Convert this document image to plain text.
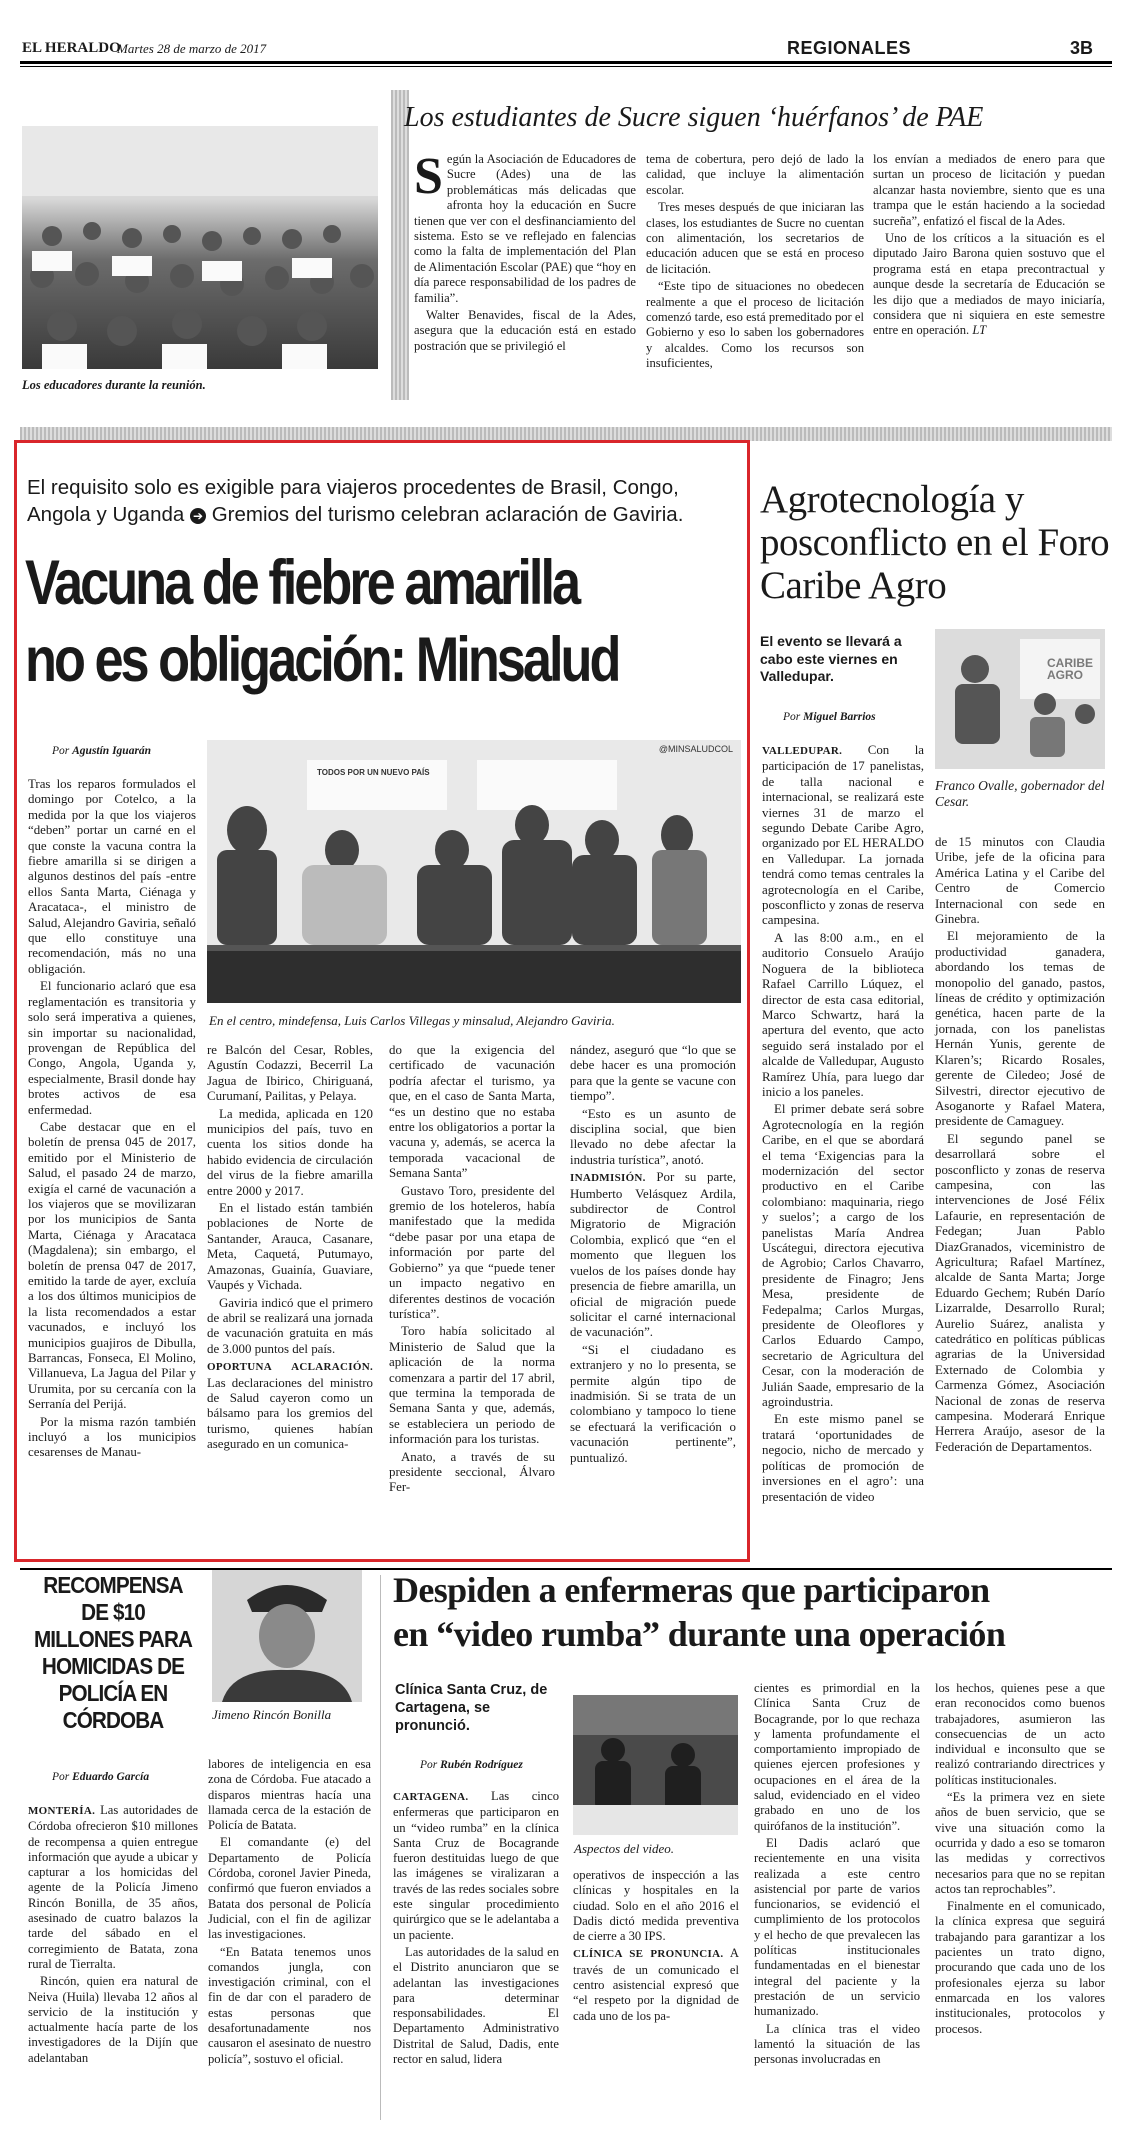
EL HERALDO
Martes 28 de marzo de 2017	REGIONALES	3B
Los educadores durante la reunión.
Los estudiantes de Sucre siguen ‘huérfanos’ de PAE

Según la Asociación de Educadores de Sucre (Ades) una de las problemáticas más delicadas que afronta hoy la educación en Sucre tienen que ver con el desfinanciamiento del sistema. Esto se ve reflejado en falencias como la falta de implementación del Plan de Alimentación Escolar (PAE) que “hoy en día parece responsabilidad de los padres de familia”.

Walter Benavides, fiscal de la Ades, asegura que la educación está en estado postración que se privilegió el

tema de cobertura, pero dejó de lado la calidad, que incluye la alimentación escolar.

Tres meses después de que iniciaran las clases, los estudiantes de Sucre no cuentan con alimentación, los secretarios de educación aducen que se está en proceso de licitación.

“Este tipo de situaciones no obedecen realmente a que el proceso de licitación comenzó tarde, eso está premeditado por el Gobierno y eso lo saben los gobernadores y alcaldes. Como los recursos son insuficientes,

los envían a mediados de enero para que surtan un proceso de licitación y puedan alcanzar hasta noviembre, siento que es una trampa que le están haciendo a la sociedad sucreña”, enfatizó el fiscal de la Ades.

Uno de los críticos a la situación es el diputado Jairo Barona quien sostuvo que el programa está en etapa precontractual y aunque desde la secretaría de Educación se les dijo que a mediados de mayo iniciaría, considera que ni siquiera en este semestre entre en operación. LT

El requisito solo es exigible para viajeros procedentes de Brasil, Congo, Angola y Uganda ➔ Gremios del turismo celebran aclaración de Gaviria.
Vacuna de fiebre amarilla
no es obligación: Minsalud
Por Agustín Iguarán	@MINSALUDCOL
TODOS POR UN NUEVO PAÍS
En el centro, mindefensa, Luis Carlos Villegas y minsalud, Alejandro Gaviria.

Tras los reparos formulados el domingo por Cotelco, a la medida por la que los viajeros “deben” portar un carné en el que conste la vacuna contra la fiebre amarilla si se dirigen a algunos destinos del país -entre ellos Santa Marta, Ciénaga y Aracataca-, el ministro de Salud, Alejandro Gaviria, señaló que ello constituye una recomendación, más no una obligación.

El funcionario aclaró que esa reglamentación es transitoria y solo será imperativa a quienes, sin importar su nacionalidad, provengan de República del Congo, Angola, Uganda y, especialmente, Brasil donde hay brotes activos de esa enfermedad.

Cabe destacar que en el boletín de prensa 045 de 2017, emitido por el Ministerio de Salud, el pasado 24 de marzo, exigía el carné de vacunación a los viajeros que se movilizaran por los municipios de Santa Marta, Ciénaga y Aracataca (Magdalena); sin embargo, el boletín de prensa 047 de 2017, emitido la tarde de ayer, excluía a los dos últimos municipios de la lista recomendados a estar vacunados, e incluyó los municipios guajiros de Dibulla, Barrancas, Fonseca, El Molino, Villanueva, La Jagua del Pilar y Urumita, por su cercanía con la Serranía del Perijá.

Por la misma razón también incluyó a los municipios cesarenses de Manau-

re Balcón del Cesar, Robles, Agustín Codazzi, Becerril La Jagua de Ibirico, Chiriguaná, Curumaní, Pailitas, y Pelaya.

La medida, aplicada en 120 municipios del país, tuvo en cuenta los sitios donde ha habido evidencia de circulación del virus de la fiebre amarilla entre 2000 y 2017.

En el listado están también poblaciones de Norte de Santander, Arauca, Casanare, Meta, Caquetá, Putumayo, Amazonas, Guainía, Guaviare, Vaupés y Vichada.

Gaviria indicó que el primero de abril se realizará una jornada de vacunación gratuita en más de 3.000 puntos del país.

OPORTUNA ACLARACIÓN. Las declaraciones del ministro de Salud cayeron como un bálsamo para los gremios del turismo, quienes habían asegurado en un comunica-

do que la exigencia del certificado de vacunación podría afectar el turismo, ya que, en el caso de Santa Marta, “es un destino que no estaba entre los obligatorios a portar la vacuna y, además, se acerca la temporada vacacional de Semana Santa”

Gustavo Toro, presidente del gremio de los hoteleros, había manifestado que la medida “debe pasar por una etapa de información por parte del Gobierno” ya que “puede tener un impacto negativo en diferentes destinos de vocación turística”.

Toro había solicitado al Ministerio de Salud que la aplicación de la norma comenzara a partir del 17 abril, que termina la temporada de Semana Santa y que, además, se estableciera un periodo de información para los turistas.

Anato, a través de su presidente seccional, Álvaro Fer-

nández, aseguró que “lo que se debe hacer es una promoción para que la gente se vacune con tiempo”.

“Esto es un asunto de disciplina social, que bien llevado no debe afectar la industria turística”, anotó.

INADMISIÓN. Por su parte, Humberto Velásquez Ardila, subdirector de Control Migratorio de Migración Colombia, explicó que “en el momento que lleguen los vuelos de los países donde hay presencia de fiebre amarilla, un oficial de migración puede solicitar el carné internacional de vacunación”.

“Si el ciudadano es extranjero y no lo presenta, se permite algún tipo de inadmisión. Si se trata de un colombiano y tampoco lo tiene se efectuará la verificación o vacunación pertinente”, puntualizó.

Agrotecnología y posconflicto en el Foro Caribe Agro
El evento se llevará a cabo este viernes en Valledupar.
CARIBE AGRO
Franco Ovalle, gobernador del Cesar.
Por Miguel Barrios

VALLEDUPAR. Con la participación de 17 panelistas, de talla nacional e internacional, se realizará este viernes 31 de marzo el segundo Debate Caribe Agro, organizado por EL HERALDO en Valledupar. La jornada tendrá como temas centrales la agrotecnología en el Caribe, posconflicto y zonas de reserva campesina.

A las 8:00 a.m., en el auditorio Consuelo Araújo Noguera de la biblioteca Rafael Carrillo Lúquez, el director de esta casa editorial, Marco Schwartz, hará la apertura del evento, que acto seguido será instalado por el alcalde de Valledupar, Augusto Ramírez Uhía, para luego dar inicio a los paneles.

El primer debate será sobre Agrotecnología en la región Caribe, en el que se abordará el tema ‘Exigencias para la modernización del sector productivo en el Caribe colombiano: maquinaria, riego y suelos’; a cargo de los panelistas María Andrea Uscátegui, directora ejecutiva de Agrobio; Carlos Chavarro, presidente de Finagro; Jens Mesa, presidente de Fedepalma; Carlos Murgas, presidente de Oleoflores y Carlos Eduardo Campo, secretario de Agricultura del Cesar, con la moderación de Julián Saade, empresario de la agroindustria.

En este mismo panel se tratará ‘oportunidades de negocio, nicho de mercado y políticas de promoción de inversiones en el agro’: una presentación de video

de 15 minutos con Claudia Uribe, jefe de la oficina para América Latina y el Caribe del Centro de Comercio Internacional con sede en Ginebra.

El mejoramiento de la productividad ganadera, abordando los temas de monopolio del ganado, pastos, líneas de crédito y optimización genética, hacen parte de la jornada, con los panelistas Hernán Yunis, gerente de Klaren’s; Ricardo Rosales, gerente de Ciledeo; José de Silvestri, director ejecutivo de Asoganorte y Rafael Matera, presidente de Camaguey.

El segundo panel se desarrollará sobre el posconflicto y zonas de reserva campesina, con las intervenciones de José Félix Lafaurie, en representación de Fedegan; Juan Pablo DiazGranados, viceministro de Agricultura; Rafael Martínez, alcalde de Santa Marta; Jorge Eduardo Gechem; Rubén Darío Lizarralde, Desarrollo Rural; Aurelio Suárez, analista y catedrático en políticas públicas agrarias de la Universidad Externado de Colombia y Carmenza Gómez, Asociación Nacional de zonas de reserva campesina. Moderará Enrique Herrera Araújo, asesor de la Federación de Departamentos.

RECOMPENSA DE $10 MILLONES PARA HOMICIDAS DE POLICÍA EN CÓRDOBA	Jimeno Rincón Bonilla
Por Eduardo García

MONTERÍA. Las autoridades de Córdoba ofrecieron $10 millones de recompensa a quien entregue información que ayude a ubicar y capturar a los homicidas del agente de la Policía Jimeno Rincón Bonilla, de 35 años, asesinado de cuatro balazos la tarde del sábado en el corregimiento de Batata, zona rural de Tierralta.

Rincón, quien era natural de Neiva (Huila) llevaba 12 años al servicio de la institución y actualmente hacía parte de los investigadores de la Dijín que adelantaban

labores de inteligencia en esa zona de Córdoba. Fue atacado a disparos mientras hacía una llamada cerca de la estación de Policía de Batata.

El comandante (e) del Departamento de Policía Córdoba, coronel Javier Pineda, confirmó que fueron enviados a Batata dos personal de Policía Judicial, con el fin de agilizar las investigaciones.

“En Batata tenemos unos comandos jungla, con investigación criminal, con el fin de dar con el paradero de estas personas que desafortunadamente nos causaron el asesinato de nuestro policía”, sostuvo el oficial.

Despiden a enfermeras que participaron
en “video rumba” durante una operación
Clínica Santa Cruz, de Cartagena, se pronunció.
Por Rubén Rodríguez
Aspectos del video.

CARTAGENA. Las cinco enfermeras que participaron en un “video rumba” en la clínica Santa Cruz de Bocagrande fueron destituidas luego de que las imágenes se viralizaran a través de las redes sociales sobre este singular procedimiento quirúrgico que se le adelantaba a un paciente.

Las autoridades de la salud en el Distrito anunciaron que se adelantan las investigaciones para determinar responsabilidades. El Departamento Administrativo Distrital de Salud, Dadis, ente rector en salud, lidera

operativos de inspección a las clínicas y hospitales en la ciudad. Solo en el año 2016 el Dadis dictó medida preventiva de cierre a 30 IPS.

CLÍNICA SE PRONUNCIA. A través de un comunicado el centro asistencial expresó que “el respeto por la dignidad de cada uno de los pa-

cientes es primordial en la Clínica Santa Cruz de Bocagrande, por lo que rechaza y lamenta profundamente el comportamiento impropiado de quienes ejercen profesiones y ocupaciones en el área de la salud, evidenciado en el video grabado en uno de los quirófanos de la institución”.

El Dadis aclaró que recientemente en una visita realizada a este centro asistencial por parte de varios funcionarios, se evidenció el cumplimiento de los protocolos y el hecho de que prevalecen las políticas institucionales fundamentadas en el bienestar integral del paciente y la prestación de un servicio humanizado.

La clínica tras el video lamentó la situación de las personas involucradas en

los hechos, quienes pese a que eran reconocidos como buenos trabajadores, asumieron las consecuencias de un acto individual e inconsulto que se realizó contrariando directrices y políticas institucionales.

“Es la primera vez en siete años de buen servicio, que se vive una situación como la ocurrida y dado a eso se tomaron las medidas y correctivos necesarios para que no se repitan actos tan reprochables”.

Finalmente en el comunicado, la clínica expresa que seguirá trabajando para garantizar a los pacientes un trato digno, procurando que cada uno de los profesionales ejerza su labor enmarcada en los valores institucionales, protocolos y procesos.
